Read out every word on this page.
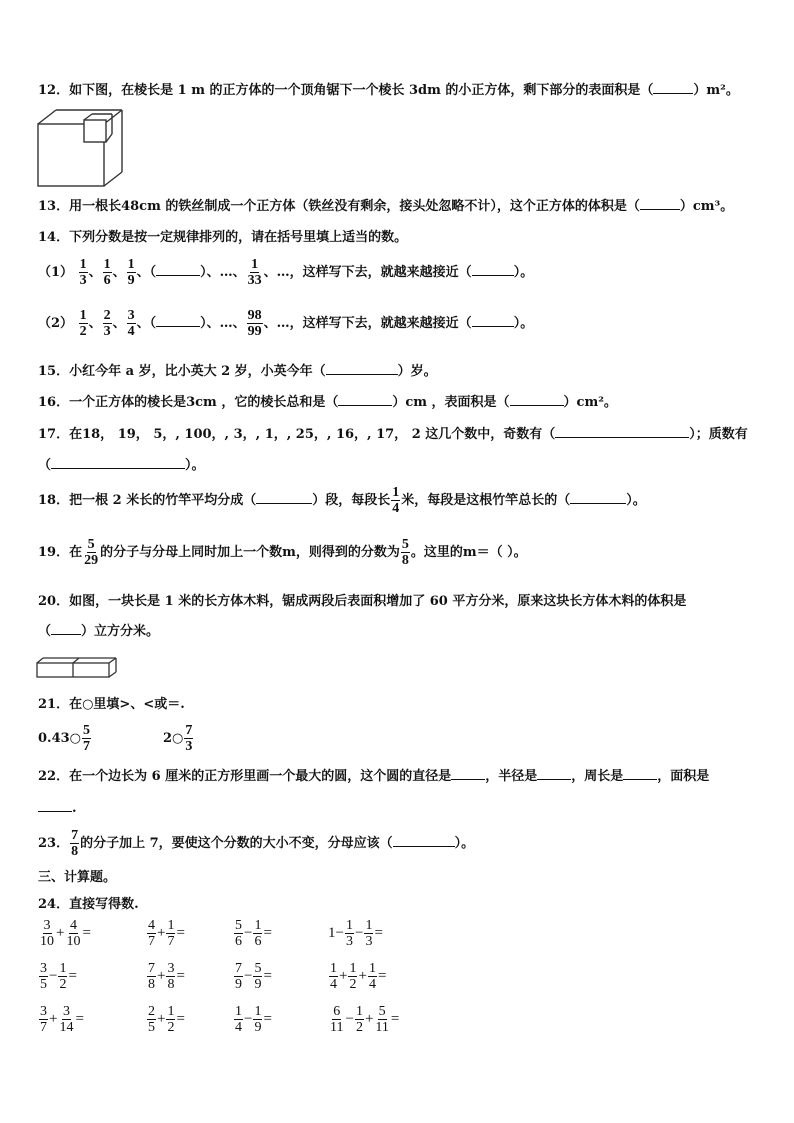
12．如下图，在棱长是 1 m 的正方体的一个顶角锯下一个棱长 3dm 的小正方体，剩下部分的表面积是（	）m²。
13．用一根长48cm 的铁丝制成一个正方体（铁丝没有剩余，接头处忽略不计），这个正方体的体积是（	）cm³。
14．下列分数是按一定规律排列的，请在括号里填上适当的数。
$(1) \frac{1}{3}$ 、 $\frac{1}{6}$ 、 $\frac{1}{9}$ 、（	）、…、 $\frac{1}{33}$ 、…，这样写下去，就越来越接近（	）。
$(2) \frac{1}{2}$ 、 $\frac{2}{3}$ 、 $\frac{3}{4}$ 、（	）、…、 $\frac{98}{99}$ 、…，这样写下去，就越来越接近（	）。
15．小红今年 a 岁，比小英大 2 岁，小英今年（	）岁。
16．一个正方体的棱长是3cm ，它的棱长总和是（	）cm ，表面积是（	）cm²。
17．在18， 19， 5，, 100，, 3，, 1，, 25，, 16，, 17， 2 这几个数中，奇数有（	）；质数有
（	）。
18．把一根 2 米长的竹竿平均分成（	）段，每段长 $\frac{1}{4}$ 米，每段是这根竹竿总长的（	）。
19．在 $\frac{5}{29}$ 的分子与分母上同时加上一个数m，则得到的分数为 $\frac{5}{8}$ 。这里的m＝（ ）。
20．如图，一块长是 1 米的长方体木料，锯成两段后表面积增加了 60 平方分米，原来这块长方体木料的体积是
（ ）立方分米。
21．在○里填>、<或＝.
0.43○ $\frac{5}{7}$	2○ $\frac{7}{3}$
22．在一个边长为 6 厘米的正方形里画一个最大的圆，这个圆的直径是	，半径是	，周长是	，面积是
.
23． $\frac{7}{8}$ 的分子加上 7，要使这个分数的大小不变，分母应该（	）。
三、计算题。
24．直接写得数.
$\frac{3}{10} + \frac{4}{10}$ =	$\frac{4}{7} + \frac{1}{7}$ =	$\frac{5}{6} - \frac{1}{6}$ =	$1- \frac{1}{3} - \frac{1}{3}$ =
$\frac{3}{5} - \frac{1}{2}$ =	$\frac{7}{8} + \frac{3}{8}$ =	$\frac{7}{9} - \frac{5}{9}$ =	$\frac{1}{4} + \frac{1}{2} + \frac{1}{4}$ =
$\frac{3}{7} + \frac{3}{14}$ =	$\frac{2}{5} + \frac{1}{2}$ =	$\frac{1}{4} - \frac{1}{9}$ =	$\frac{6}{11} - \frac{1}{2} + \frac{5}{11}$ =
